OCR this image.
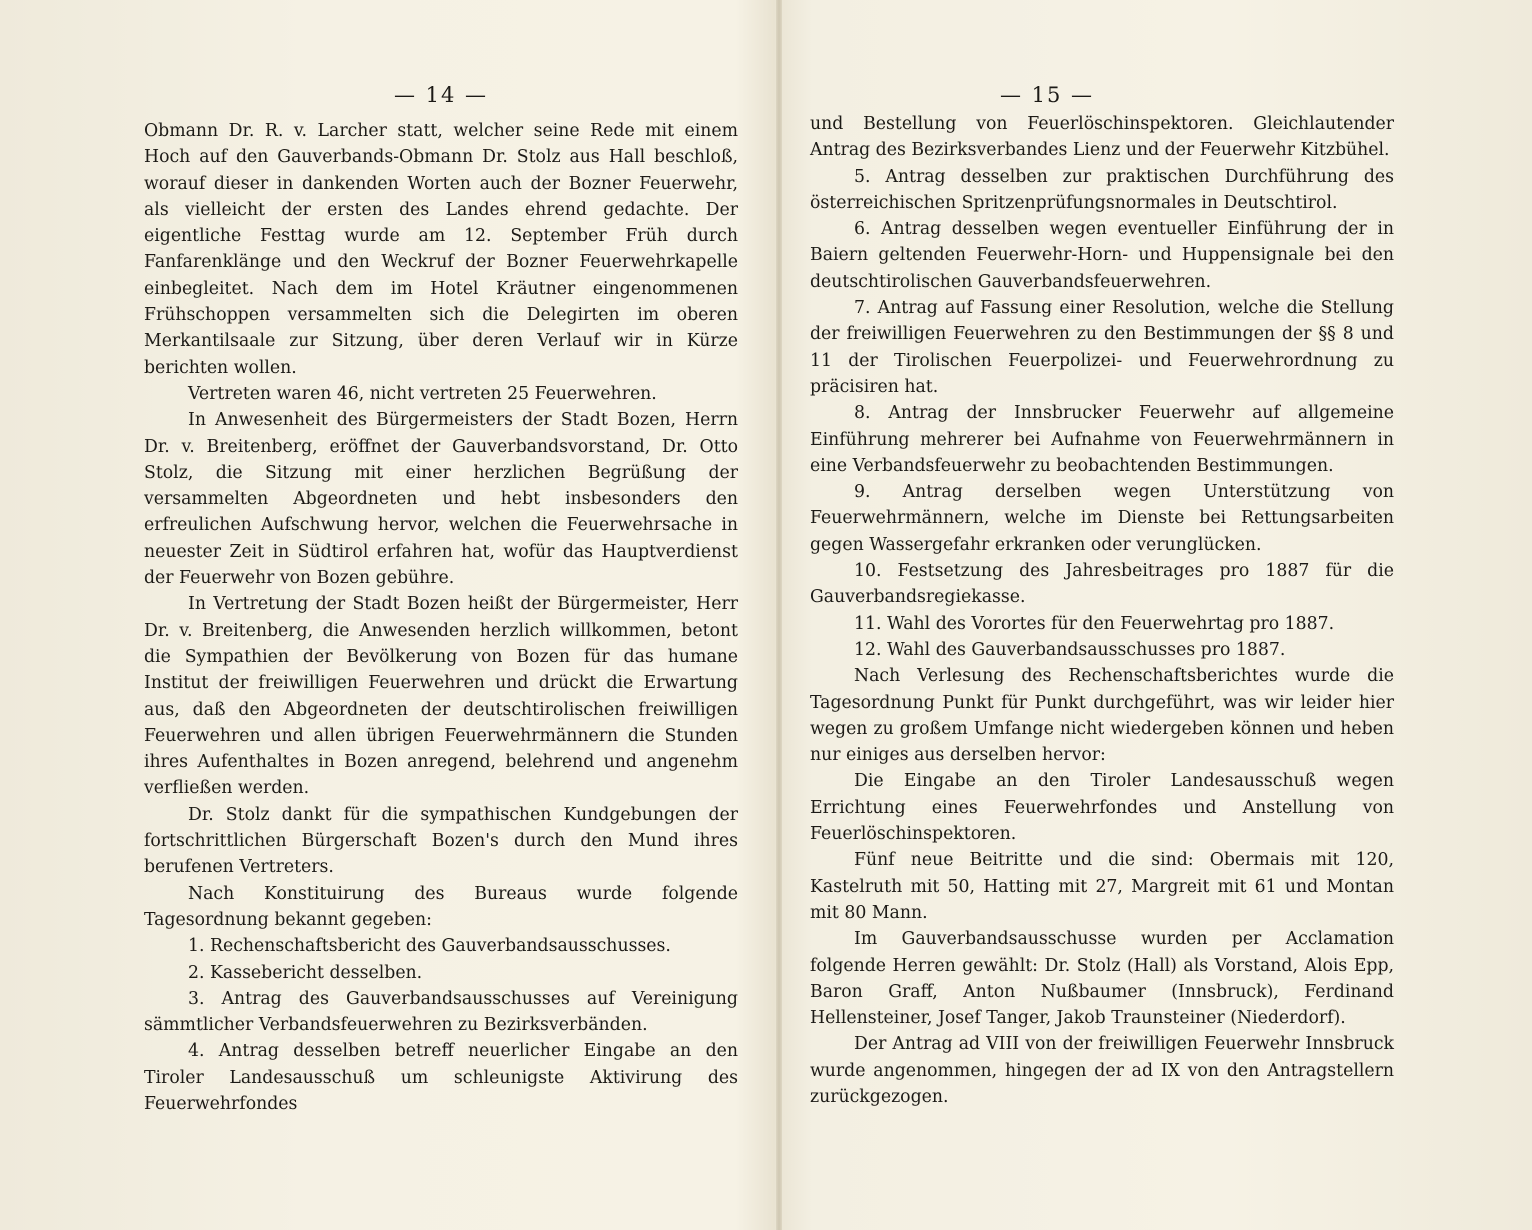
— 14 —

Obmann Dr. R. v. Larcher statt, welcher seine Rede mit einem Hoch auf den Gauverbands-Obmann Dr. Stolz aus Hall beschloß, worauf dieser in dankenden Worten auch der Bozner Feuerwehr, als vielleicht der ersten des Landes ehrend gedachte. Der eigentliche Festtag wurde am 12. September Früh durch Fanfarenklänge und den Weckruf der Bozner Feuerwehrkapelle einbegleitet. Nach dem im Hotel Kräutner eingenommenen Frühschoppen versammelten sich die Delegirten im oberen Merkantilsaale zur Sitzung, über deren Verlauf wir in Kürze berichten wollen.

Vertreten waren 46, nicht vertreten 25 Feuerwehren.

In Anwesenheit des Bürgermeisters der Stadt Bozen, Herrn Dr. v. Breitenberg, eröffnet der Gauverbandsvorstand, Dr. Otto Stolz, die Sitzung mit einer herzlichen Begrüßung der versammelten Abgeordneten und hebt insbesonders den erfreulichen Aufschwung hervor, welchen die Feuerwehrsache in neuester Zeit in Südtirol erfahren hat, wofür das Hauptverdienst der Feuerwehr von Bozen gebühre.

In Vertretung der Stadt Bozen heißt der Bürgermeister, Herr Dr. v. Breitenberg, die Anwesenden herzlich willkommen, betont die Sympathien der Bevölkerung von Bozen für das humane Institut der freiwilligen Feuerwehren und drückt die Erwartung aus, daß den Abgeordneten der deutschtirolischen freiwilligen Feuerwehren und allen übrigen Feuerwehrmännern die Stunden ihres Aufenthaltes in Bozen anregend, belehrend und angenehm verfließen werden.

Dr. Stolz dankt für die sympathischen Kundgebungen der fortschrittlichen Bürgerschaft Bozen's durch den Mund ihres berufenen Vertreters.

Nach Konstituirung des Bureaus wurde folgende Tagesordnung bekannt gegeben:

1. Rechenschaftsbericht des Gauverbandsausschusses.

2. Kassebericht desselben.

3. Antrag des Gauverbandsausschusses auf Vereinigung sämmtlicher Verbandsfeuerwehren zu Bezirksverbänden.

4. Antrag desselben betreff neuerlicher Eingabe an den Tiroler Landesausschuß um schleunigste Aktivirung des Feuerwehrfondes

— 15 —

und Bestellung von Feuerlöschinspektoren. Gleichlautender Antrag des Bezirksverbandes Lienz und der Feuerwehr Kitzbühel.

5. Antrag desselben zur praktischen Durchführung des österreichischen Spritzenprüfungsnormales in Deutschtirol.

6. Antrag desselben wegen eventueller Einführung der in Baiern geltenden Feuerwehr-Horn- und Huppensignale bei den deutschtirolischen Gauverbandsfeuerwehren.

7. Antrag auf Fassung einer Resolution, welche die Stellung der freiwilligen Feuerwehren zu den Bestimmungen der §§ 8 und 11 der Tirolischen Feuerpolizei- und Feuerwehrordnung zu präcisiren hat.

8. Antrag der Innsbrucker Feuerwehr auf allgemeine Einführung mehrerer bei Aufnahme von Feuerwehrmännern in eine Verbandsfeuerwehr zu beobachtenden Bestimmungen.

9. Antrag derselben wegen Unterstützung von Feuerwehrmännern, welche im Dienste bei Rettungsarbeiten gegen Wassergefahr erkranken oder verunglücken.

10. Festsetzung des Jahresbeitrages pro 1887 für die Gauverbandsregiekasse.

11. Wahl des Vorortes für den Feuerwehrtag pro 1887.

12. Wahl des Gauverbandsausschusses pro 1887.

Nach Verlesung des Rechenschaftsberichtes wurde die Tagesordnung Punkt für Punkt durchgeführt, was wir leider hier wegen zu großem Umfange nicht wiedergeben können und heben nur einiges aus derselben hervor:

Die Eingabe an den Tiroler Landesausschuß wegen Errichtung eines Feuerwehrfondes und Anstellung von Feuerlöschinspektoren.

Fünf neue Beitritte und die sind: Obermais mit 120, Kastelruth mit 50, Hatting mit 27, Margreit mit 61 und Montan mit 80 Mann.

Im Gauverbandsausschusse wurden per Acclamation folgende Herren gewählt: Dr. Stolz (Hall) als Vorstand, Alois Epp, Baron Graff, Anton Nußbaumer (Innsbruck), Ferdinand Hellensteiner, Josef Tanger, Jakob Traunsteiner (Niederdorf).

Der Antrag ad VIII von der freiwilligen Feuerwehr Innsbruck wurde angenommen, hingegen der ad IX von den Antragstellern zurückgezogen.
